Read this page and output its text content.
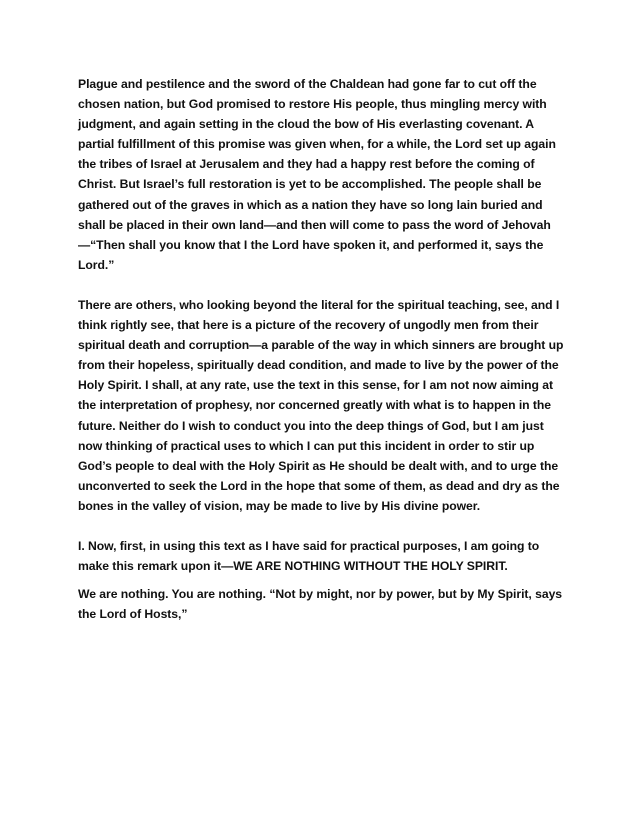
Plague and pestilence and the sword of the Chaldean had gone far to cut off the chosen nation, but God promised to restore His people, thus mingling mercy with judgment, and again setting in the cloud the bow of His everlasting covenant. A partial fulfillment of this promise was given when, for a while, the Lord set up again the tribes of Israel at Jerusalem and they had a happy rest before the coming of Christ. But Israel’s full restoration is yet to be accomplished. The people shall be gathered out of the graves in which as a nation they have so long lain buried and shall be placed in their own land—and then will come to pass the word of Jehovah—“Then shall you know that I the Lord have spoken it, and performed it, says the Lord.”

There are others, who looking beyond the literal for the spiritual teaching, see, and I think rightly see, that here is a picture of the recovery of ungodly men from their spiritual death and corruption—a parable of the way in which sinners are brought up from their hopeless, spiritually dead condition, and made to live by the power of the Holy Spirit. I shall, at any rate, use the text in this sense, for I am not now aiming at the interpretation of prophesy, nor concerned greatly with what is to happen in the future. Neither do I wish to conduct you into the deep things of God, but I am just now thinking of practical uses to which I can put this incident in order to stir up God’s people to deal with the Holy Spirit as He should be dealt with, and to urge the unconverted to seek the Lord in the hope that some of them, as dead and dry as the bones in the valley of vision, may be made to live by His divine power.

I. Now, first, in using this text as I have said for practical purposes, I am going to make this remark upon it—WE ARE NOTHING WITHOUT THE HOLY SPIRIT.

We are nothing. You are nothing. “Not by might, nor by power, but by My Spirit, says the Lord of Hosts,”
